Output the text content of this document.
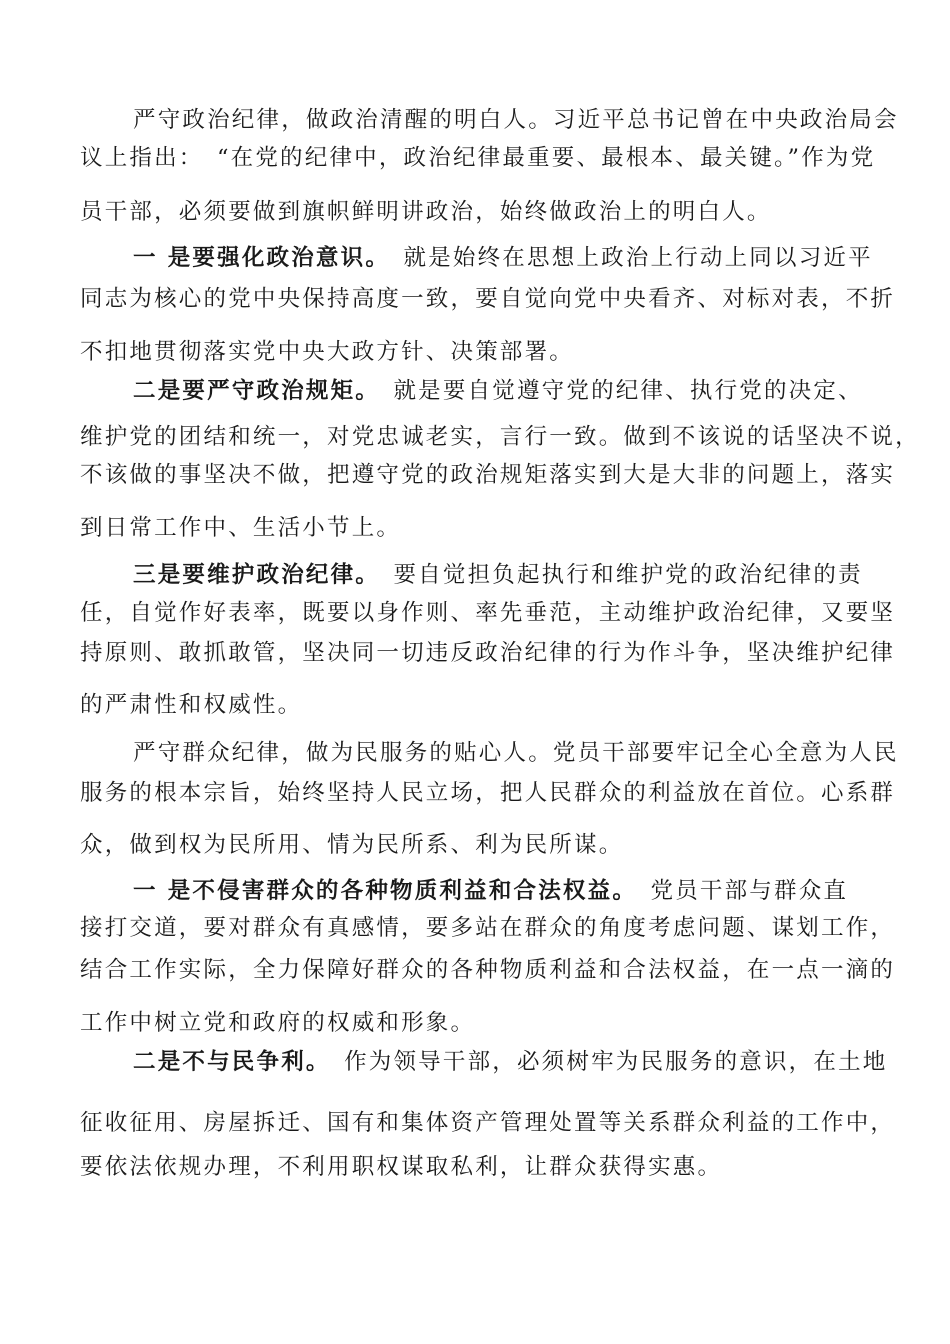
严守政治纪律，做政治清醒的明白人。习近平总书记曾在中央政治局会
议上指出：　“在党的纪律中，政治纪律最重要、最根本、最关键。”作为党
员干部，必须要做到旗帜鲜明讲政治，始终做政治上的明白人。
一 是要强化政治意识。　 就是始终在思想上政治上行动上同以习近平
同志为核心的党中央保持高度一致，要自觉向党中央看齐、对标对表，不折
不扣地贯彻落实党中央大政方针、决策部署。
二是要严守政治规矩。　 就是要自觉遵守党的纪律、执行党的决定、
维护党的团结和统一，对党忠诚老实，言行一致。做到不该说的话坚决不说，
不该做的事坚决不做，把遵守党的政治规矩落实到大是大非的问题上，落实
到日常工作中、生活小节上。
三是要维护政治纪律。　 要自觉担负起执行和维护党的政治纪律的责
任，自觉作好表率，既要以身作则、率先垂范，主动维护政治纪律，又要坚
持原则、敢抓敢管，坚决同一切违反政治纪律的行为作斗争，坚决维护纪律
的严肃性和权威性。
严守群众纪律，做为民服务的贴心人。党员干部要牢记全心全意为人民
服务的根本宗旨，始终坚持人民立场，把人民群众的利益放在首位。心系群
众，做到权为民所用、情为民所系、利为民所谋。
一 是不侵害群众的各种物质利益和合法权益。　 党员干部与群众直
接打交道，要对群众有真感情，要多站在群众的角度考虑问题、谋划工作，
结合工作实际，全力保障好群众的各种物质利益和合法权益，在一点一滴的
工作中树立党和政府的权威和形象。
二是不与民争利。　 作为领导干部，必须树牢为民服务的意识，在土地
征收征用、房屋拆迁、国有和集体资产管理处置等关系群众利益的工作中，
要依法依规办理，不利用职权谋取私利，让群众获得实惠。
